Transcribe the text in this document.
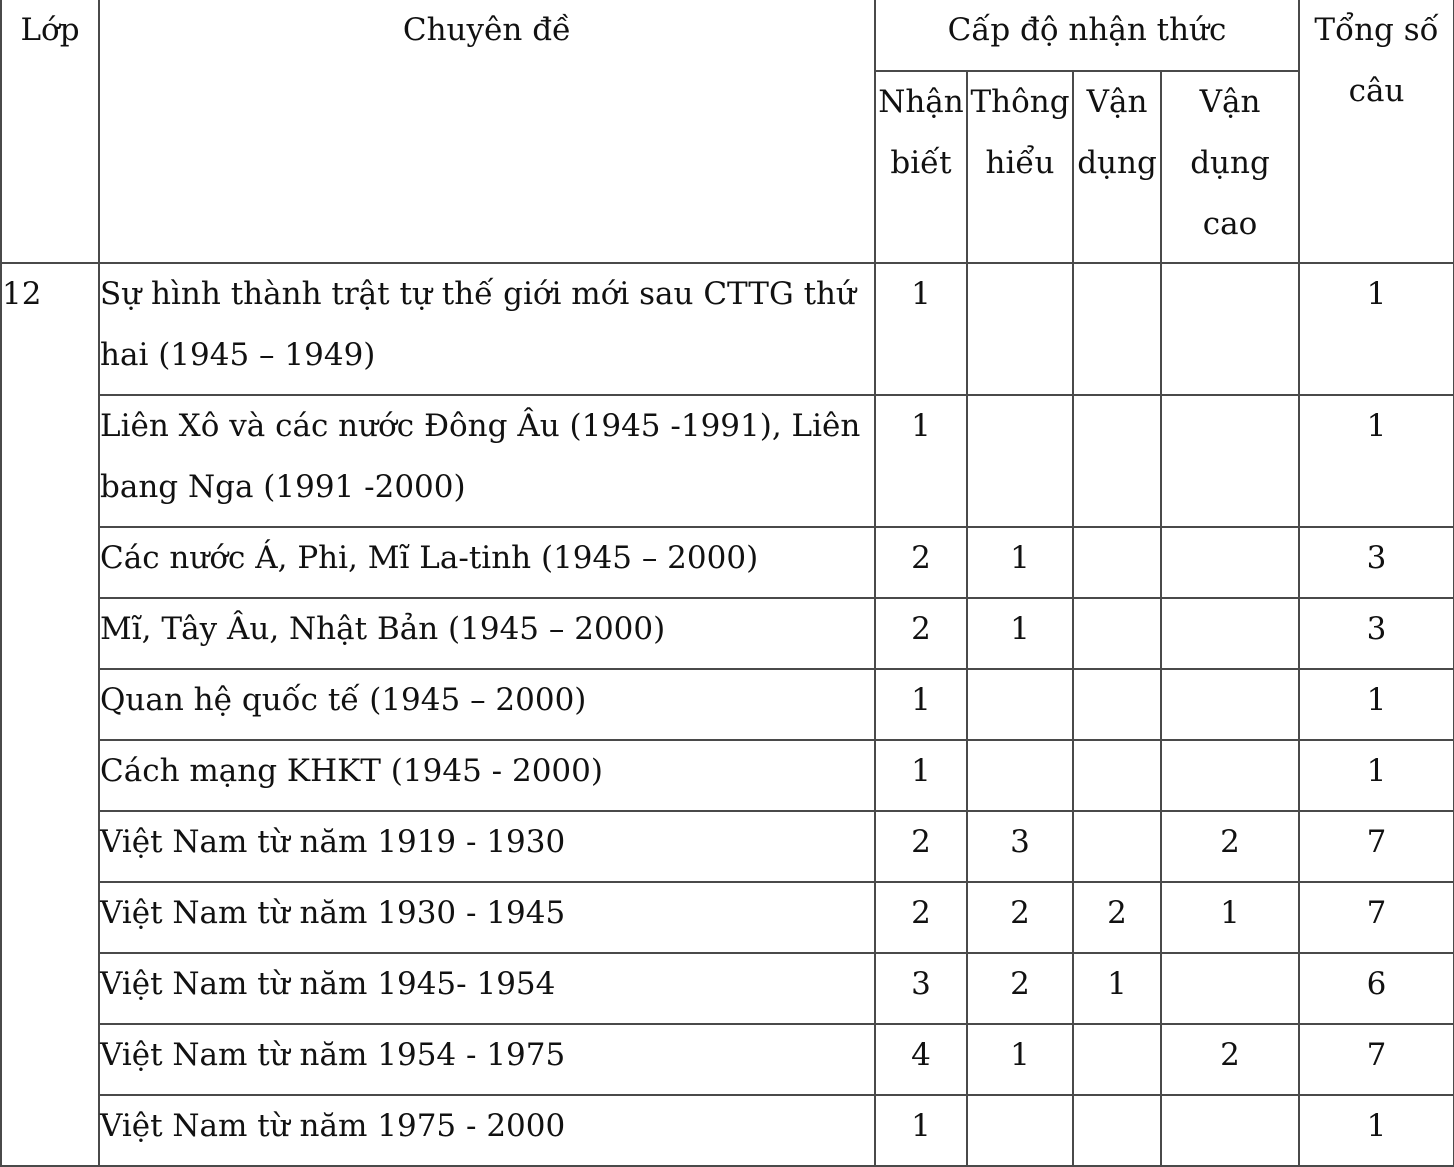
Lớp	Chuyên đề	Cấp độ nhận thức				Tổng số câu
		Nhận biết	Thông hiểu	Vận dụng	Vận dụng cao	
12	Sự hình thành trật tự thế giới mới sau CTTG thứ hai (1945 – 1949)	1				1
	Liên Xô và các nước Đông Âu (1945 -1991), Liên bang Nga (1991 -2000)	1				1
	Các nước Á, Phi, Mĩ La-tinh (1945 – 2000)	2	1			3
	Mĩ, Tây Âu, Nhật Bản (1945 – 2000)	2	1			3
	Quan hệ quốc tế (1945 – 2000)	1				1
	Cách mạng KHKT (1945 - 2000)	1				1
	Việt Nam từ năm 1919 - 1930	2	3		2	7
	Việt Nam từ năm 1930 - 1945	2	2	2	1	7
	Việt Nam từ năm 1945- 1954	3	2	1		6
	Việt Nam từ năm 1954 - 1975	4	1		2	7
	Việt Nam từ năm 1975 - 2000	1				1
